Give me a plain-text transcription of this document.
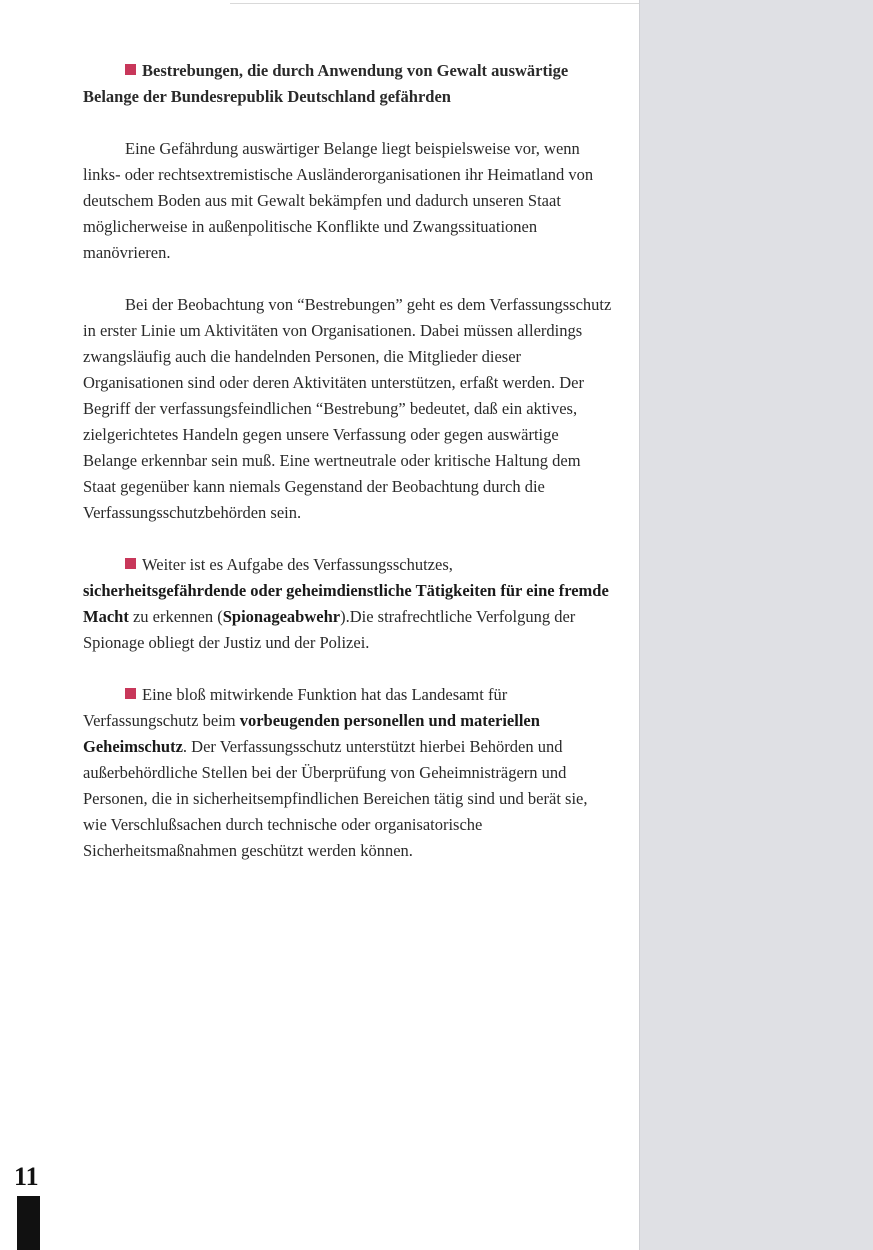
Bestrebungen, die durch Anwendung von Gewalt auswärtige Belange der Bundesrepublik Deutschland gefährden

Eine Gefährdung auswärtiger Belange liegt beispielsweise vor, wenn links- oder rechtsextremistische Ausländerorganisationen ihr Heimatland von deutschem Boden aus mit Gewalt bekämpfen und dadurch unseren Staat möglicherweise in außenpolitische Konflikte und Zwangssituationen manövrieren.

Bei der Beobachtung von “Bestrebungen” geht es dem Verfassungsschutz in erster Linie um Aktivitäten von Organisationen. Dabei müssen allerdings zwangsläufig auch die handelnden Personen, die Mitglieder dieser Organisationen sind oder deren Aktivitäten unterstützen, erfaßt werden. Der Begriff der verfassungsfeindlichen “Bestrebung” bedeutet, daß ein aktives, zielgerichtetes Handeln gegen unsere Verfassung oder gegen auswärtige Belange erkennbar sein muß. Eine wertneutrale oder kritische Haltung dem Staat gegenüber kann niemals Gegenstand der Beobachtung durch die Verfassungsschutzbehörden sein.

Weiter ist es Aufgabe des Verfassungsschutzes, sicherheitsgefährdende oder geheimdienstliche Tätigkeiten für eine fremde Macht zu erkennen (Spionageabwehr).Die strafrechtliche Verfolgung der Spionage obliegt der Justiz und der Polizei.

Eine bloß mitwirkende Funktion hat das Landesamt für Verfassungschutz beim vorbeugenden personellen und materiellen Geheimschutz. Der Verfassungsschutz unterstützt hierbei Behörden und außerbehördliche Stellen bei der Überprüfung von Geheimnisträgern und Personen, die in sicherheitsempfindlichen Bereichen tätig sind und berät sie, wie Verschlußsachen durch technische oder organisatorische Sicherheitsmaßnahmen geschützt werden können.

11
